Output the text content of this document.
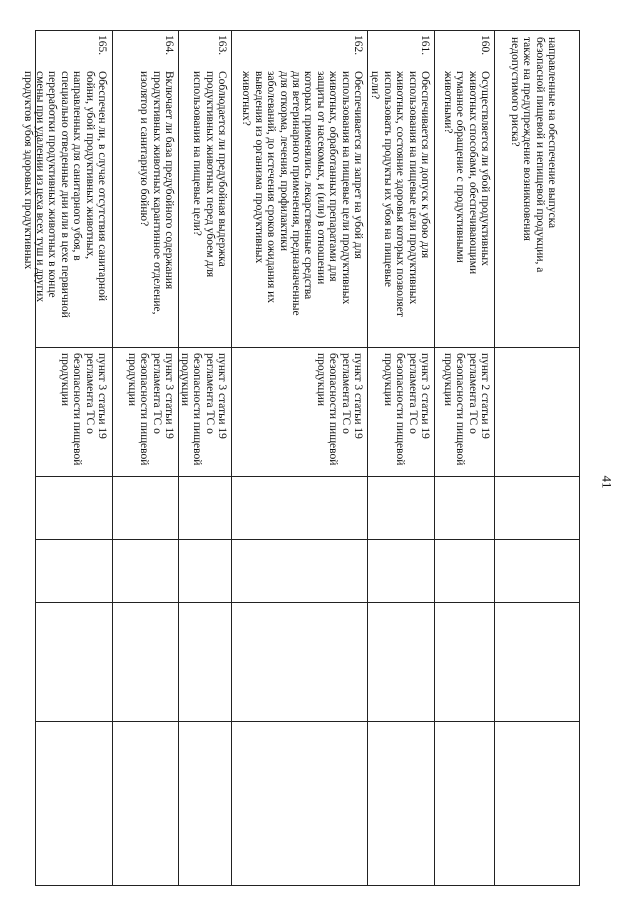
41
165.
Обеспечен ли, в случае отсутствия санитарной
бойни, убой продуктивных животных,
направленных для санитарного убоя, в
специально отведенные дни или в цехе первичной
переработки продуктивных животных в конце
смены при удалении из цеха всех туш и других
продуктов убоя здоровых продуктивных
пункт 3 статьи 19
регламента ТС о
безопасности пищевой
продукции
164.
Включает ли база предубойного содержания
продуктивных животных карантинное отделение,
изолятор и санитарную бойню?
пункт 3 статьи 19
регламента ТС о
безопасности пищевой
продукции
163.
Соблюдается ли предубойная выдержка
продуктивных животных перед убоем для
использования на пищевые цели?
пункт 3 статьи 19
регламента ТС о
безопасности пищевой
продукции
162.
Обеспечивается ли запрет на убой для
использования на пищевые цели продуктивных
животных, обработанных препаратами для
защиты от насекомых, и (или) в отношении
которых применялись лекарственные средства
для ветеринарного применения, предназначенные
для откорма, лечения, профилактики
заболеваний, до истечения сроков ожидания их
выведения из организма продуктивных
животных?
пункт 3 статьи 19
регламента ТС о
безопасности пищевой
продукции
161.
Обеспечивается ли допуск к убою для
использования на пищевые цели продуктивных
животных, состояние здоровья которых позволяет
использовать продукты их убоя на пищевые
цели?
пункт 3 статьи 19
регламента ТС о
безопасности пищевой
продукции
160.
Осуществляется ли убой продуктивных
животных способами, обеспечивающими
гуманное обращение с продуктивными
животными?
пункт 2 статьи 19
регламента ТС о
безопасности пищевой
продукции
направленные на обеспечение выпуска
безопасной пищевой и непищевой продукции, а
также на предупреждение возникновения
недопустимого риска?
